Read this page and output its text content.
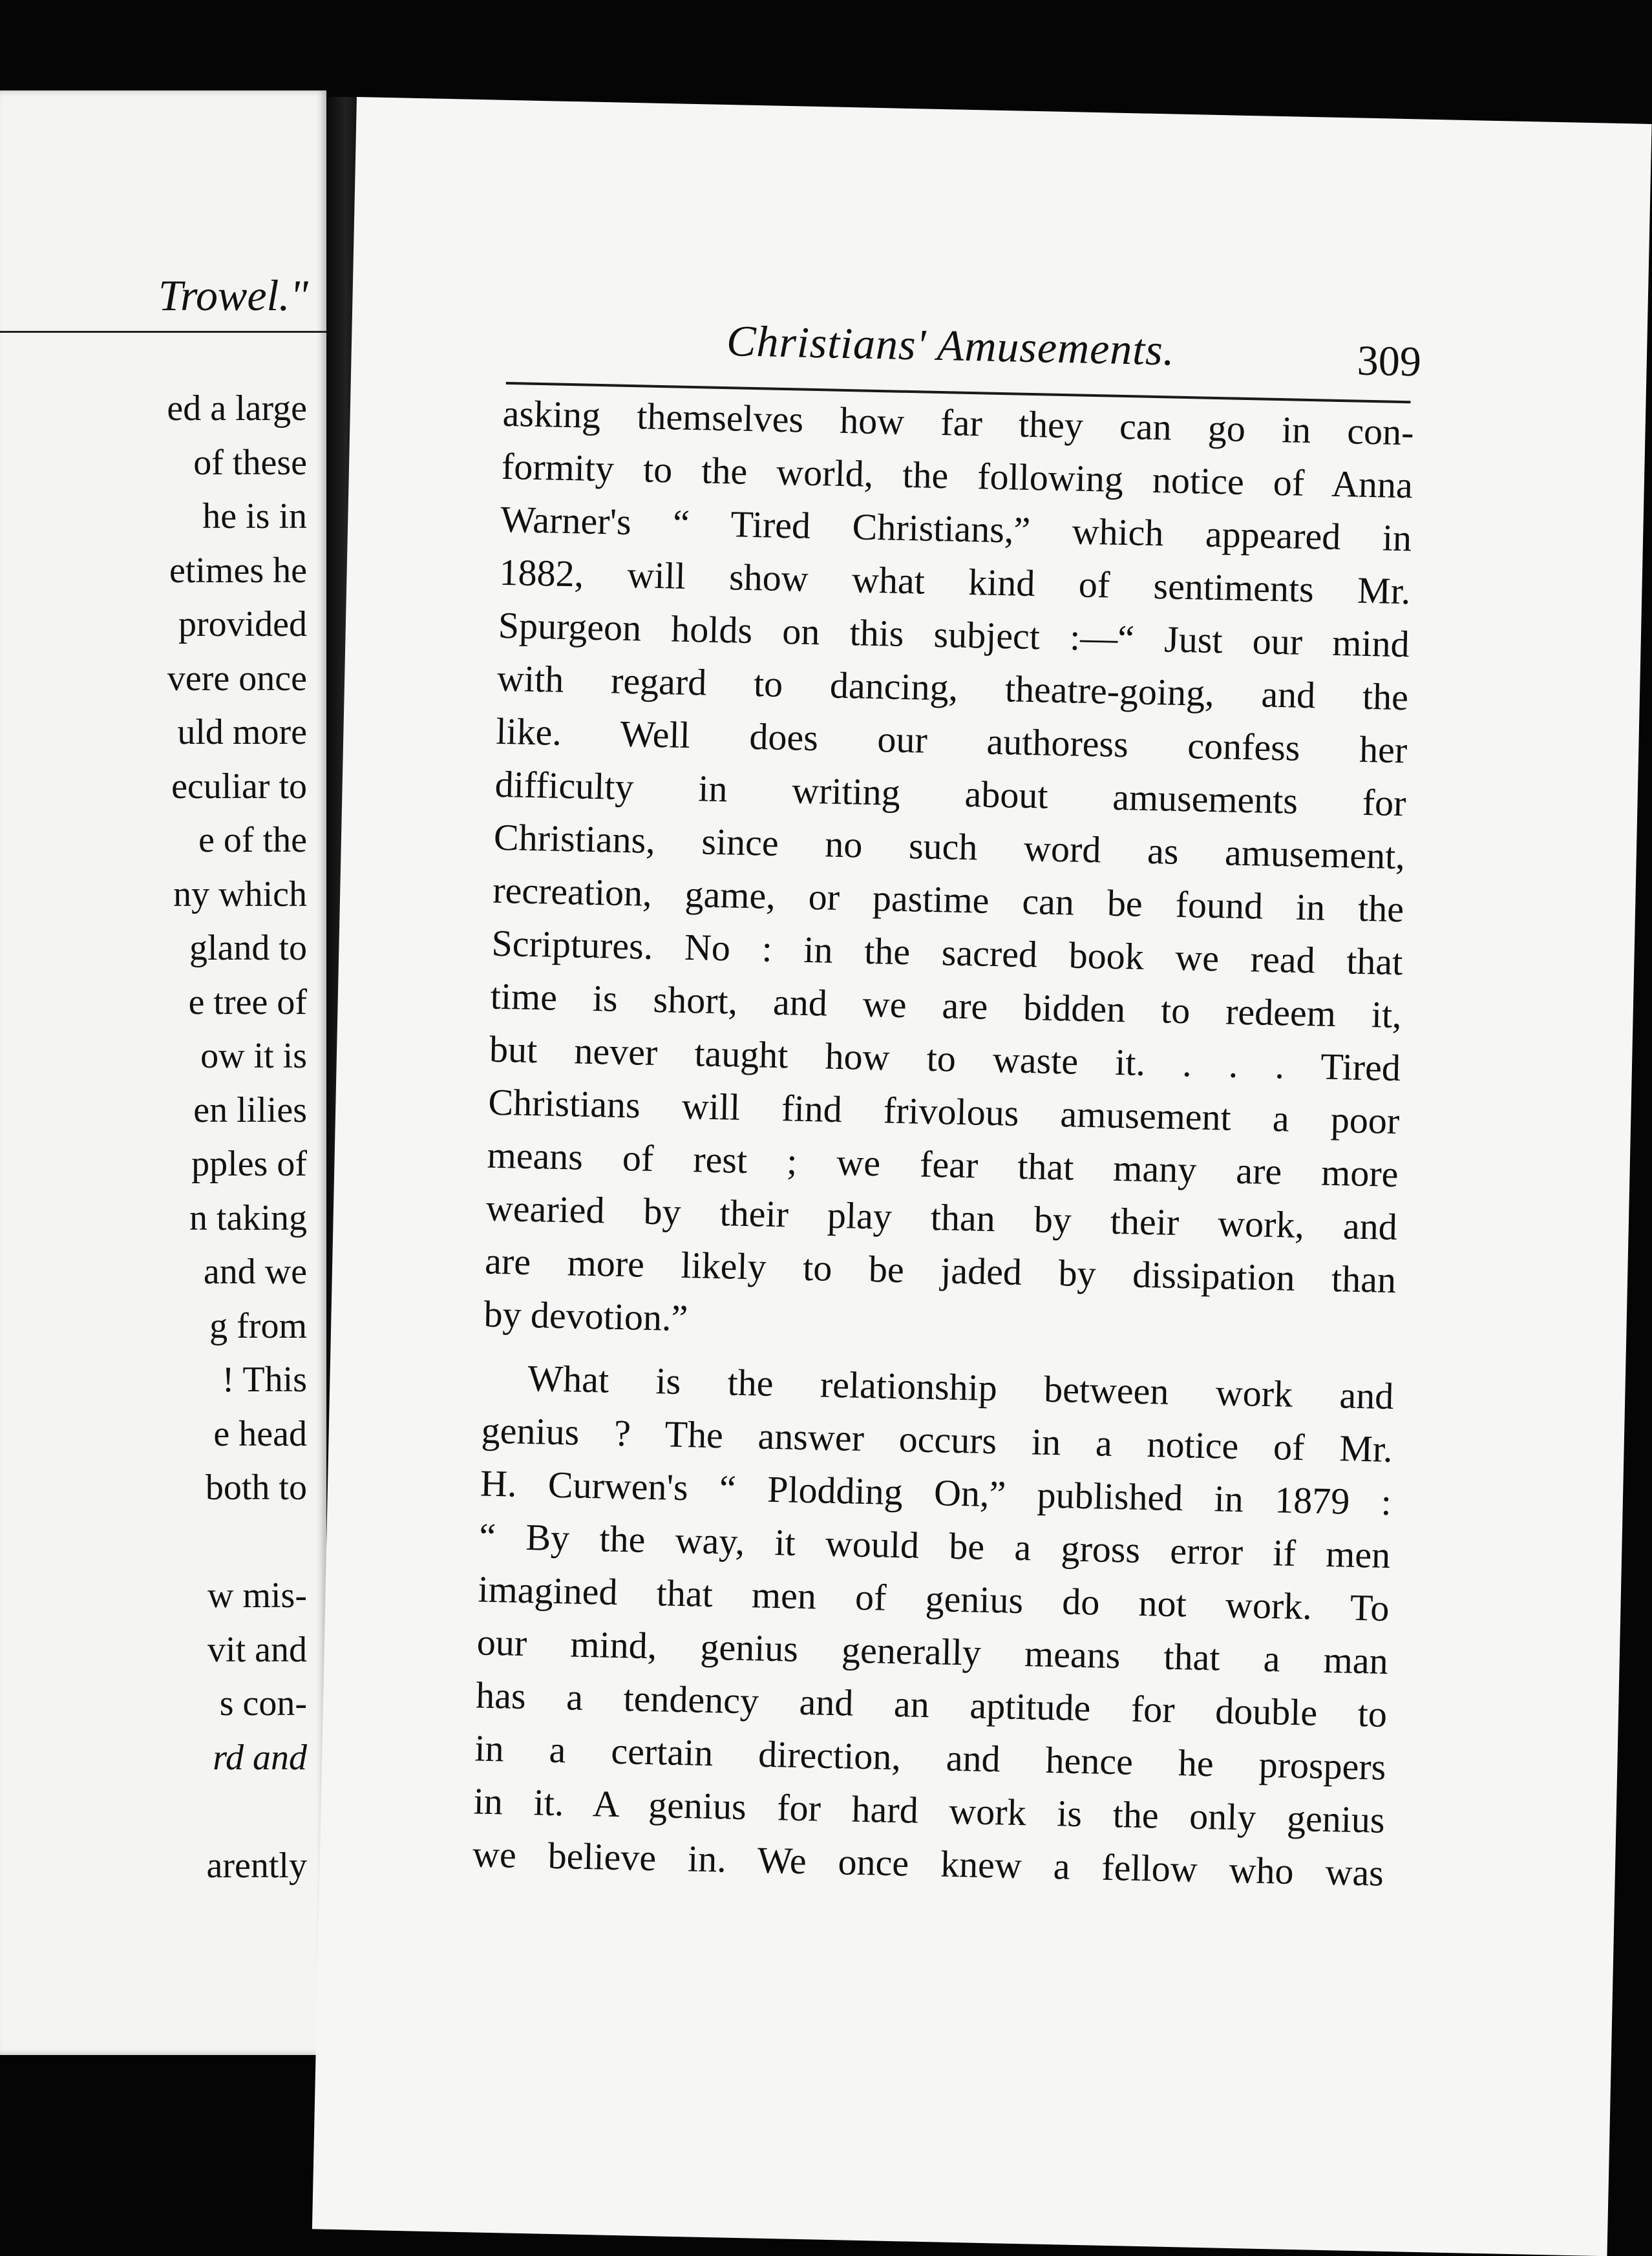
Trowel."
ed a large
of these
he is in
etimes he
provided
vere once
uld more
eculiar to
e of the
ny which
gland to
e tree of
ow it is
en lilies
pples of
n taking
and we
g from
! This
e head
both to
w mis-
vit and
s con-
rd and
arently
Christians' Amusements.	309
asking themselves how far they can go in con-
formity to the world, the following notice of Anna
Warner's “ Tired Christians,” which appeared in
1882, will show what kind of sentiments Mr.
Spurgeon holds on this subject :—“ Just our mind
with regard to dancing, theatre-going, and the
like. Well does our authoress confess her
difficulty in writing about amusements for
Christians, since no such word as amusement,
recreation, game, or pastime can be found in the
Scriptures. No : in the sacred book we read that
time is short, and we are bidden to redeem it,
but never taught how to waste it. . . . Tired
Christians will find frivolous amusement a poor
means of rest ; we fear that many are more
wearied by their play than by their work, and
are more likely to be jaded by dissipation than
by devotion.”
What is the relationship between work and
genius ? The answer occurs in a notice of Mr.
H. Curwen's “ Plodding On,” published in 1879 :
“ By the way, it would be a gross error if men
imagined that men of genius do not work. To
our mind, genius generally means that a man
has a tendency and an aptitude for double to
in a certain direction, and hence he prospers
in it. A genius for hard work is the only genius
we believe in. We once knew a fellow who was
